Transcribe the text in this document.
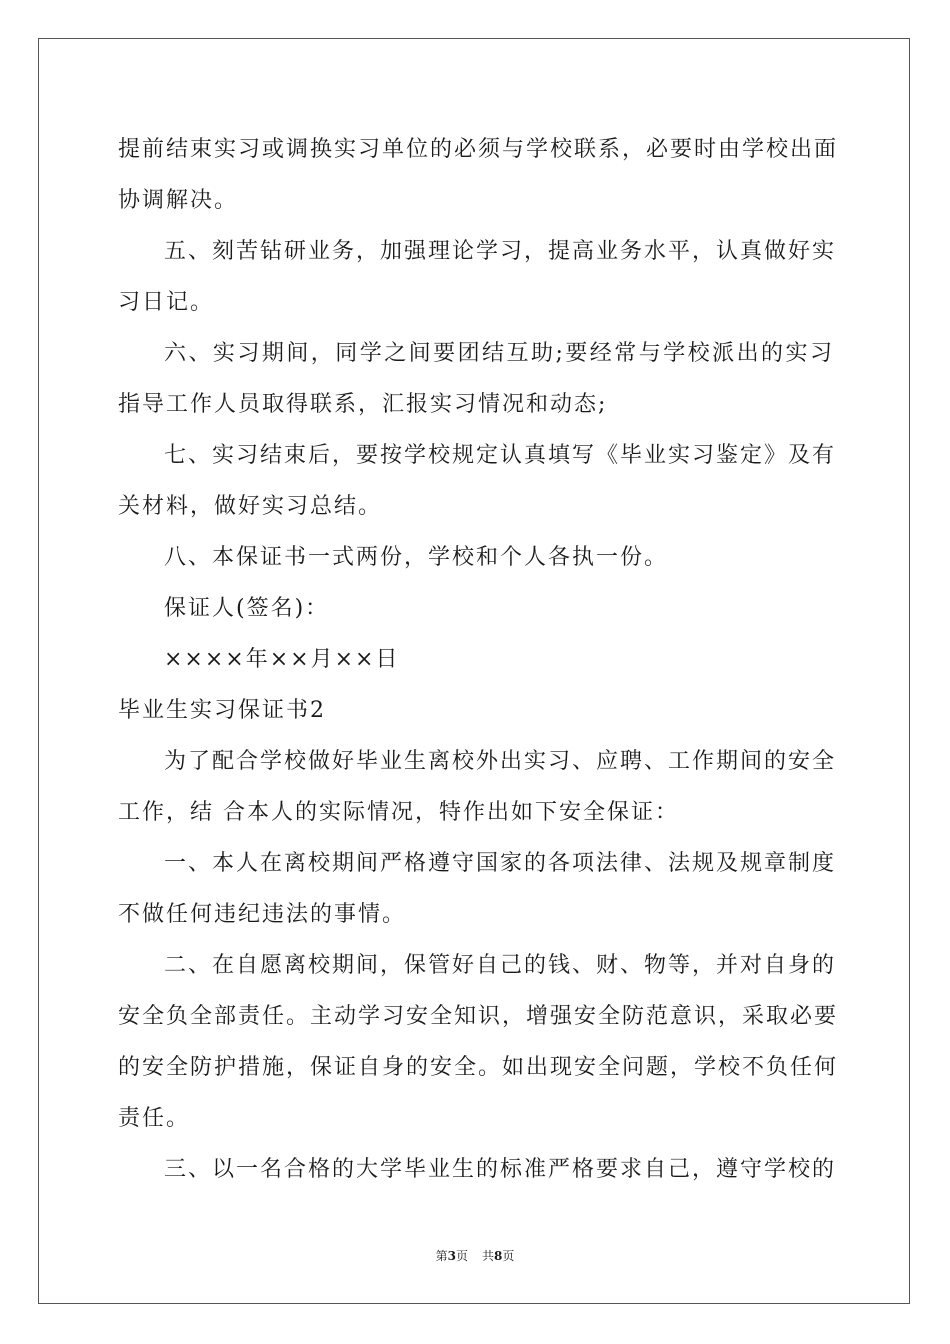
提前结束实习或调换实习单位的必须与学校联系，必要时由学校出面
协调解决。
五、刻苦钻研业务，加强理论学习，提高业务水平，认真做好实
习日记。
六、实习期间，同学之间要团结互助;要经常与学校派出的实习
指导工作人员取得联系，汇报实习情况和动态;
七、实习结束后，要按学校规定认真填写《毕业实习鉴定》及有
关材料，做好实习总结。
八、本保证书一式两份，学校和个人各执一份。
保证人(签名)：
××××年××月××日
毕业生实习保证书2
为了配合学校做好毕业生离校外出实习、应聘、工作期间的安全
工作，结 合本人的实际情况，特作出如下安全保证：
一、本人在离校期间严格遵守国家的各项法律、法规及规章制度
不做任何违纪违法的事情。
二、在自愿离校期间，保管好自己的钱、财、物等，并对自身的
安全负全部责任。主动学习安全知识，增强安全防范意识，采取必要
的安全防护措施，保证自身的安全。如出现安全问题，学校不负任何
责任。
三、以一名合格的大学毕业生的标准严格要求自己，遵守学校的
第3页 共8页
